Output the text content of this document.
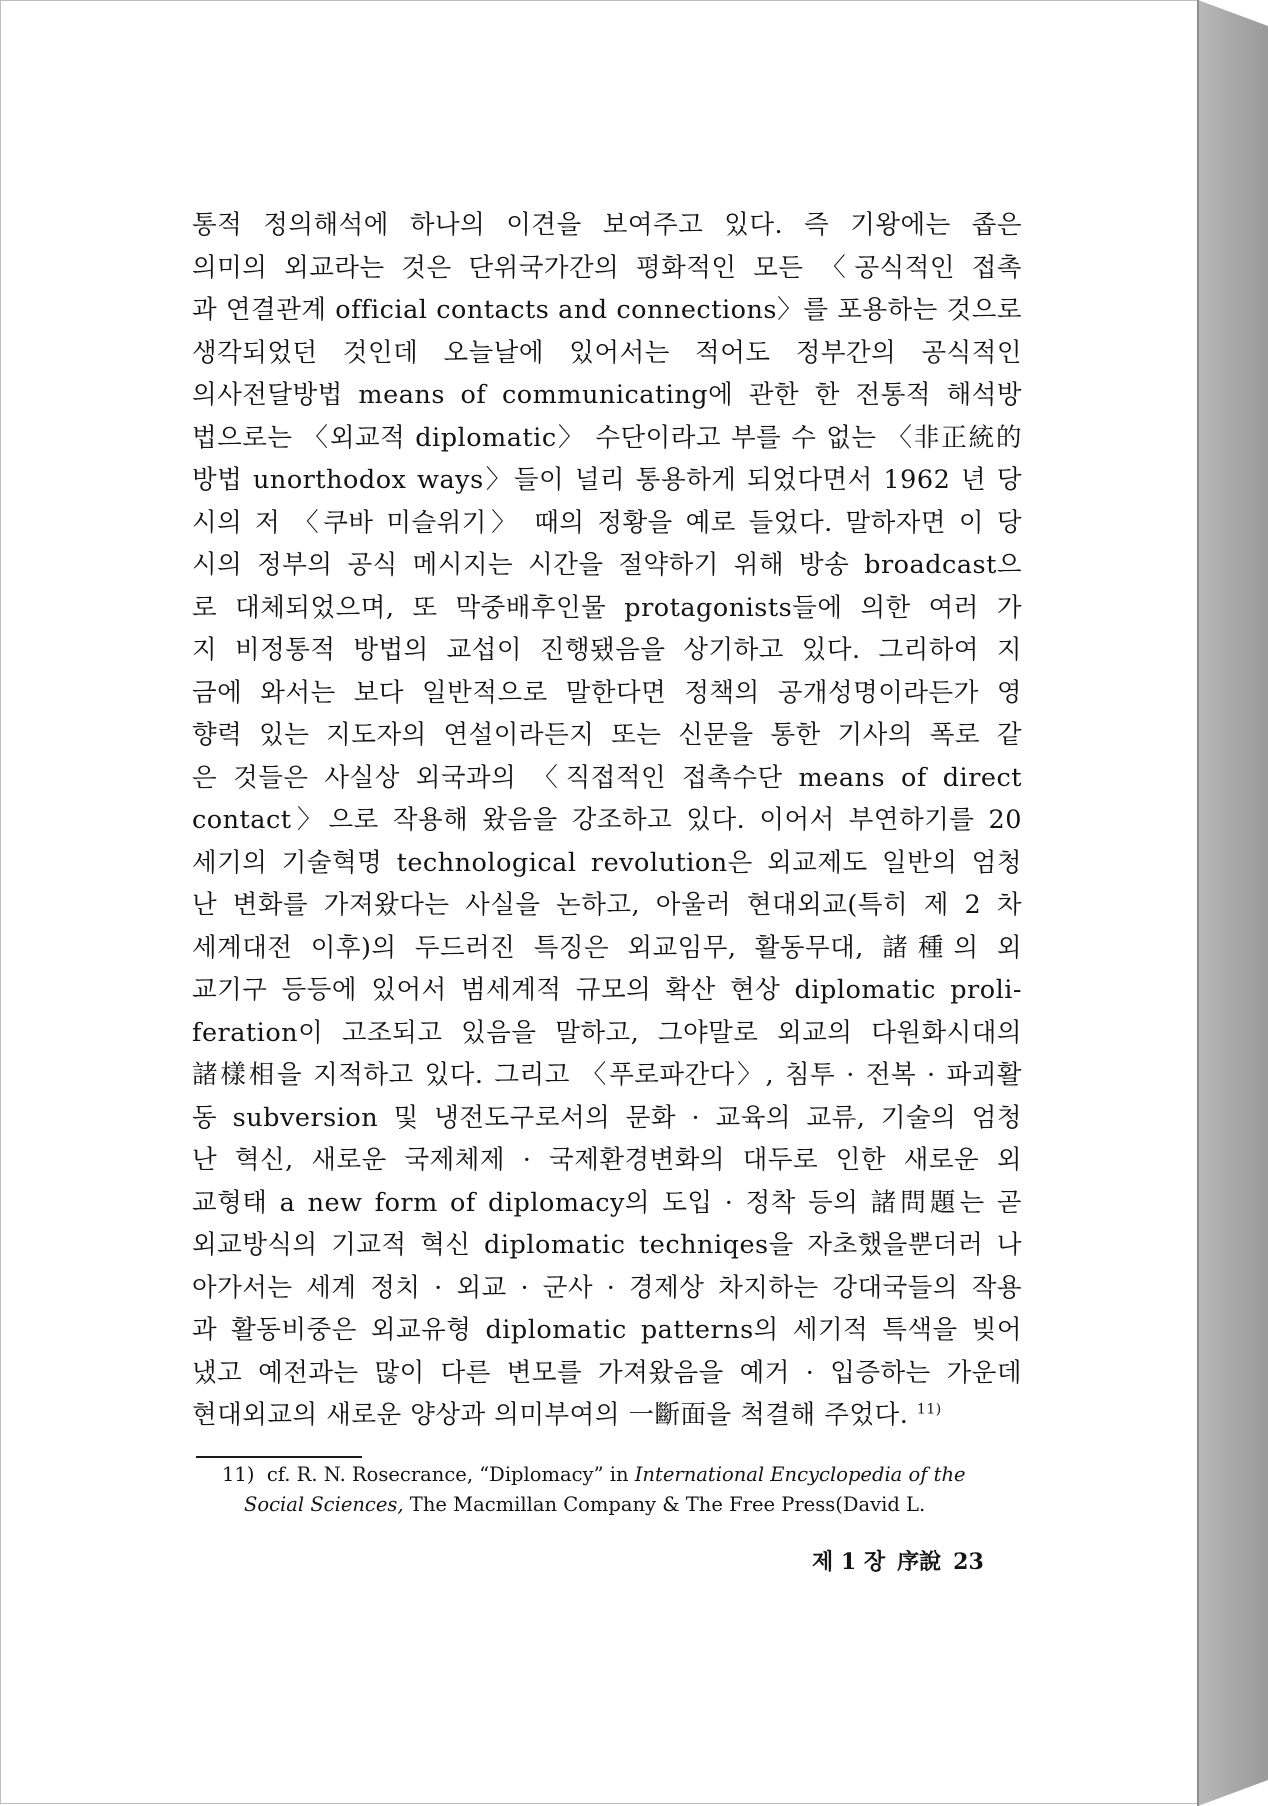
통적 정의해석에 하나의 이견을 보여주고 있다. 즉 기왕에는 좁은
의미의 외교라는 것은 단위국가간의 평화적인 모든 〈공식적인 접촉
과 연결관계 official contacts and connections〉를 포용하는 것으로
생각되었던 것인데 오늘날에 있어서는 적어도 정부간의 공식적인
의사전달방법 means of communicating에 관한 한 전통적 해석방
법으로는 〈외교적 diplomatic〉 수단이라고 부를 수 없는 〈非正統的
방법 unorthodox ways〉들이 널리 통용하게 되었다면서 1962 년 당
시의 저 〈쿠바 미슬위기〉 때의 정황을 예로 들었다. 말하자면 이 당
시의 정부의 공식 메시지는 시간을 절약하기 위해 방송 broadcast으
로 대체되었으며, 또 막중배후인물 protagonists들에 의한 여러 가
지 비정통적 방법의 교섭이 진행됐음을 상기하고 있다. 그리하여 지
금에 와서는 보다 일반적으로 말한다면 정책의 공개성명이라든가 영
향력 있는 지도자의 연설이라든지 또는 신문을 통한 기사의 폭로 같
은 것들은 사실상 외국과의 〈직접적인 접촉수단 means of direct
contact〉으로 작용해 왔음을 강조하고 있다. 이어서 부연하기를 20
세기의 기술혁명 technological revolution은 외교제도 일반의 엄청
난 변화를 가져왔다는 사실을 논하고, 아울러 현대외교(특히 제 2 차
세계대전 이후)의 두드러진 특징은 외교임무, 활동무대, 諸種의 외
교기구 등등에 있어서 범세계적 규모의 확산 현상 diplomatic proli-
feration이 고조되고 있음을 말하고, 그야말로 외교의 다원화시대의
諸樣相을 지적하고 있다. 그리고 〈푸로파간다〉, 침투 · 전복 · 파괴활
동 subversion 및 냉전도구로서의 문화 · 교육의 교류, 기술의 엄청
난 혁신, 새로운 국제체제 · 국제환경변화의 대두로 인한 새로운 외
교형태 a new form of diplomacy의 도입 · 정착 등의 諸問題는 곧
외교방식의 기교적 혁신 diplomatic techniqes을 자초했을뿐더러 나
아가서는 세계 정치 · 외교 · 군사 · 경제상 차지하는 강대국들의 작용
과 활동비중은 외교유형 diplomatic patterns의 세기적 특색을 빚어
냈고 예전과는 많이 다른 변모를 가져왔음을 예거 · 입증하는 가운데
현대외교의 새로운 양상과 의미부여의 一斷面을 척결해 주었다. $^{11)}$
11) cf. R. N. Rosecrance, “Diplomacy” in International Encyclopedia of the
Social Sciences, The Macmillan Company & The Free Press(David L.
제 1 장 序說 23
